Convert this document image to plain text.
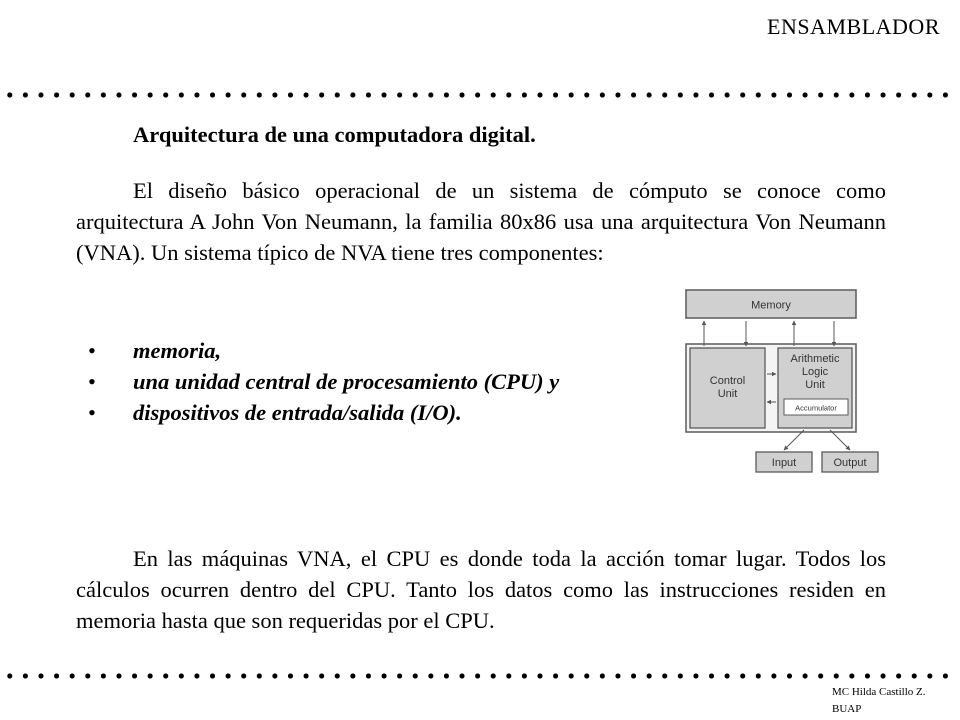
ENSAMBLADOR
Arquitectura de una computadora digital.

El diseño básico operacional de un sistema de cómputo se conoce como arquitectura A John Von Neumann, la familia 80x86 usa una arquitectura Von Neumann (VNA). Un sistema típico de NVA tiene tres componentes:

•	memoria,
•	una unidad central de procesamiento (CPU) y
•	dispositivos de entrada/salida (I/O).
Memory
Control
Unit
Arithmetic
Logic
Unit
Accumulator
Input	Output

En las máquinas VNA, el CPU es donde toda la acción tomar lugar. Todos los cálculos ocurren dentro del CPU. Tanto los datos como las instrucciones residen en memoria hasta que son requeridas por el CPU.

MC Hilda Castillo Z.
BUAP
